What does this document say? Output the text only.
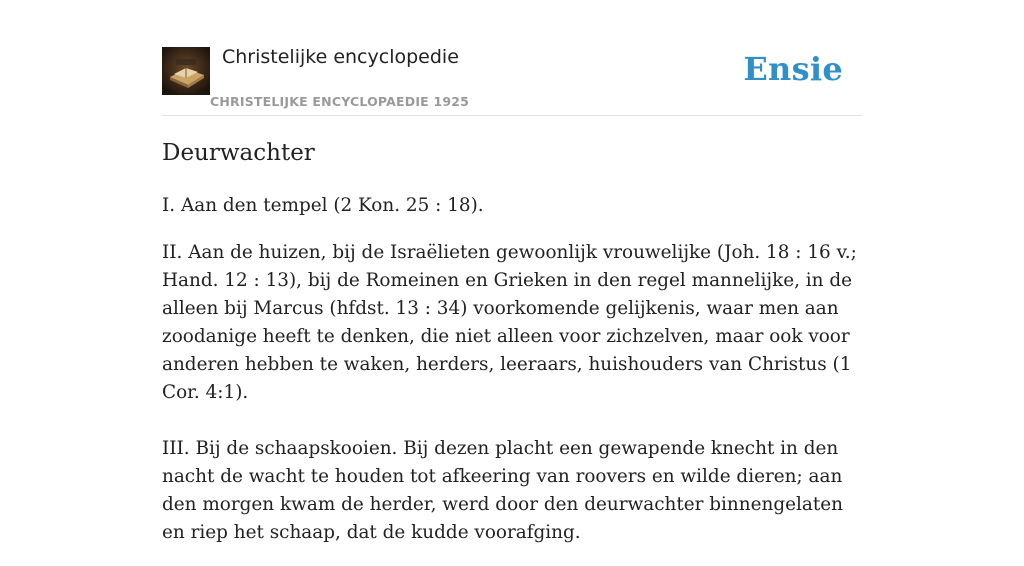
Christelijke encyclopedie
CHRISTELIJKE ENCYCLOPAEDIE 1925
Ensie
Deurwachter

I. Aan den tempel (2 Kon. 25 : 18).

II. Aan de huizen, bij de Israëlieten gewoonlijk vrouwelijke (Joh. 18 : 16 v.; Hand. 12 : 13), bij de Romeinen en Grieken in den regel mannelijke, in de alleen bij Marcus (hfdst. 13 : 34) voorkomende gelijkenis, waar men aan zoodanige heeft te denken, die niet alleen voor zichzelven, maar ook voor anderen hebben te waken, herders, leeraars, huishouders van Christus (1 Cor. 4:1).

III. Bij de schaapskooien. Bij dezen placht een gewapende knecht in den nacht de wacht te houden tot afkeering van roovers en wilde dieren; aan den morgen kwam de herder, werd door den deurwachter binnengelaten en riep het schaap, dat de kudde voorafging.
